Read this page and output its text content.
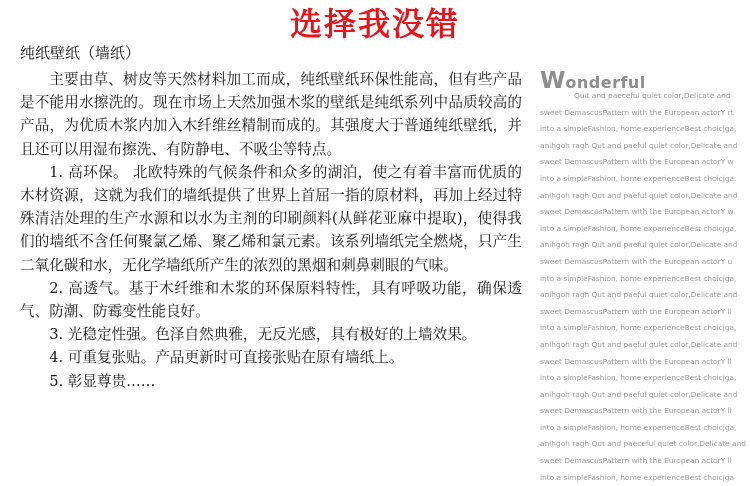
选择我没错
纯纸壁纸（墙纸）

主要由草、树皮等天然材料加工而成，纯纸壁纸环保性能高，但有些产品是不能用水擦洗的。现在市场上天然加强木浆的壁纸是纯纸系列中品质较高的产品，为优质木浆内加入木纤维丝精制而成的。其强度大于普通纯纸壁纸，并且还可以用湿布擦洗、有防静电、不吸尘等特点。

1. 高环保。 北欧特殊的气候条件和众多的湖泊，使之有着丰富而优质的木材资源，这就为我们的墙纸提供了世界上首屈一指的原材料，再加上经过特殊清洁处理的生产水源和以水为主剂的印刷颜料(从鲜花亚麻中提取)，使得我们的墙纸不含任何聚氯乙烯、聚乙烯和氯元素。该系列墙纸完全燃烧，只产生二氧化碳和水，无化学墙纸所产生的浓烈的黑烟和刺鼻刺眼的气味。

2. 高透气。基于木纤维和木浆的环保原料特性，具有呼吸功能，确保透气、防潮、防霉变性能良好。

3. 光稳定性强。色泽自然典雅，无反光感，具有极好的上墙效果。

4. 可重复张贴。产品更新时可直接张贴在原有墙纸上。

5. 彰显尊贵……

Wonderful
Quit and paeceful quiet color,Delicate and
sweet DemascusPattern with the European actorY rt
into a simpleFashion, home experienceBest choicjga,
anihgoh ragh Qut and paeful quiet color,Delicate and
sweet DemascusPattern with the European actorY w
into a simpleFashion, home experienceBest choicjga,
anihgoh ragh Qut and paeful quiet color,Delicate and
sweet DemascusPattern with the European actorY w
into a simpleFashion, home experienceBest choicjga,
anihgoh ragh Qut and paeful quiet color,Delicate and
sweet DemascusPattern with the European actorY u
into a simpleFashion, home experienceBest choicjga,
anihgoh ragh Qut and paeful quiet color,Delicate and
sweet DemascusPattern with the European actorY ll
into a simpleFashion, home experienceBest choicjga,
anihgoh ragh Qut and paeful quiet color,Delicate and
sweet DemascusPattern with the European actorY ll
into a simpleFashion, home experienceBest choicjga,
anihgoh ragh Qut and paeful quiet color,Delicate and
sweet DemascusPattern with the European actorY ll
into a simpleFashion, home experienceBest choicjga,
anihgoh ragh Qut and paeceful quiet color,Delicate and
sweet DemascusPattern with the European actorY ll
into a simpleFashion, home experienceBest choicjga
